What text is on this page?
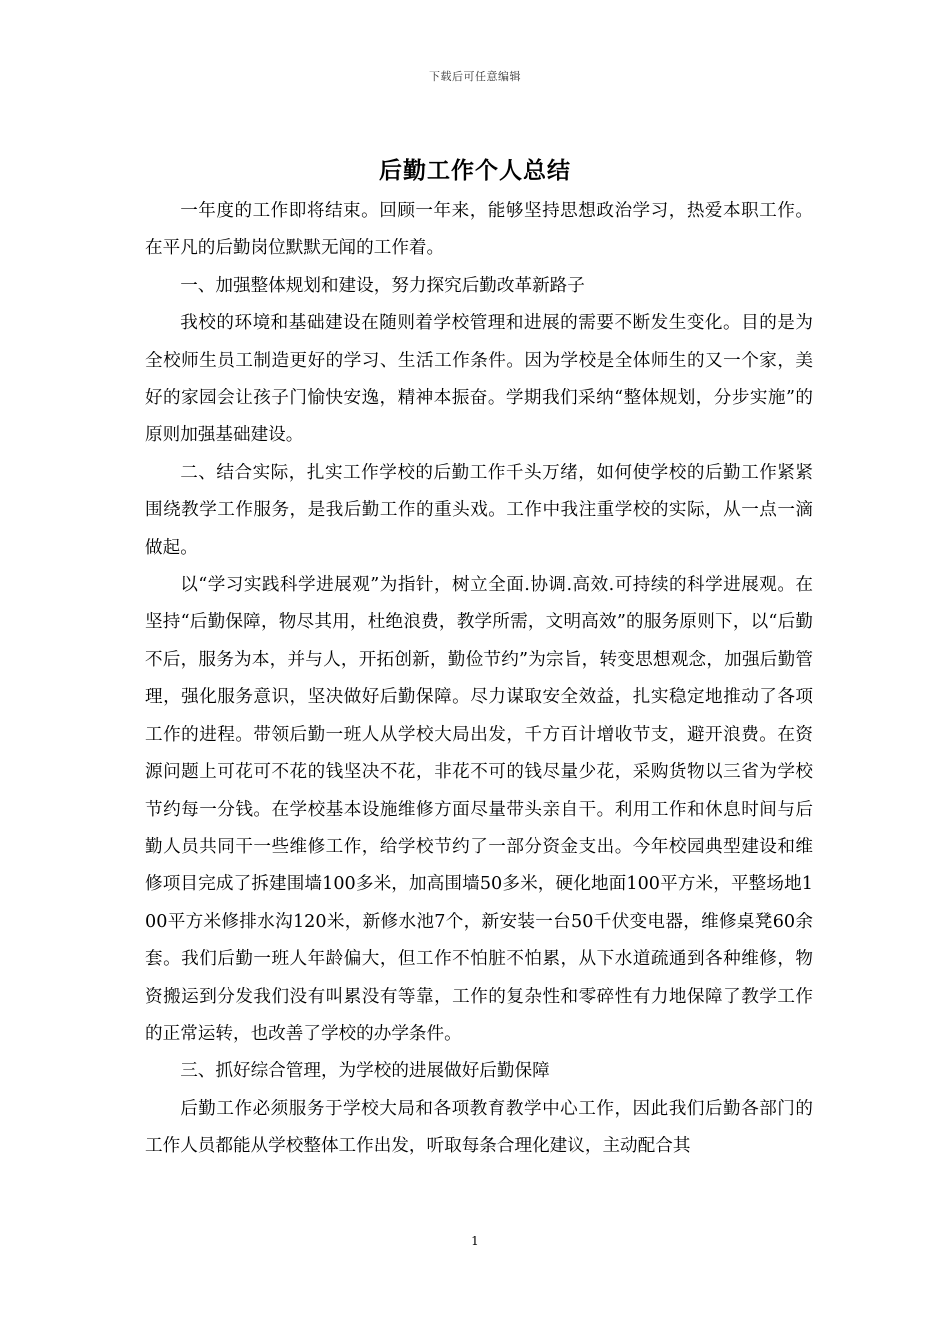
下载后可任意编辑
后勤工作个人总结

一年度的工作即将结束。回顾一年来，能够坚持思想政治学习，热爱本职工作。在平凡的后勤岗位默默无闻的工作着。

一、加强整体规划和建设，努力探究后勤改革新路子

我校的环境和基础建设在随则着学校管理和进展的需要不断发生变化。目的是为全校师生员工制造更好的学习、生活工作条件。因为学校是全体师生的又一个家，美好的家园会让孩子门愉快安逸，精神本振奋。学期我们采纳“整体规划，分步实施”的原则加强基础建设。

二、结合实际，扎实工作学校的后勤工作千头万绪，如何使学校的后勤工作紧紧围绕教学工作服务，是我后勤工作的重头戏。工作中我注重学校的实际，从一点一滴做起。

以“学习实践科学进展观”为指针，树立全面.协调.高效.可持续的科学进展观。在坚持“后勤保障，物尽其用，杜绝浪费，教学所需，文明高效”的服务原则下，以“后勤不后，服务为本，并与人，开拓创新，勤俭节约”为宗旨，转变思想观念，加强后勤管理，强化服务意识，坚决做好后勤保障。尽力谋取安全效益，扎实稳定地推动了各项工作的进程。带领后勤一班人从学校大局出发，千方百计增收节支，避开浪费。在资源问题上可花可不花的钱坚决不花，非花不可的钱尽量少花，采购货物以三省为学校节约每一分钱。在学校基本设施维修方面尽量带头亲自干。利用工作和休息时间与后勤人员共同干一些维修工作，给学校节约了一部分资金支出。今年校园典型建设和维修项目完成了拆建围墙100多米，加高围墙50多米，硬化地面100平方米，平整场地100平方米修排水沟120米，新修水池7个，新安装一台50千伏变电器，维修桌凳60余套。我们后勤一班人年龄偏大，但工作不怕脏不怕累，从下水道疏通到各种维修，物资搬运到分发我们没有叫累没有等靠，工作的复杂性和零碎性有力地保障了教学工作的正常运转，也改善了学校的办学条件。

三、抓好综合管理，为学校的进展做好后勤保障

后勤工作必须服务于学校大局和各项教育教学中心工作，因此我们后勤各部门的工作人员都能从学校整体工作出发，听取每条合理化建议，主动配合其

1
